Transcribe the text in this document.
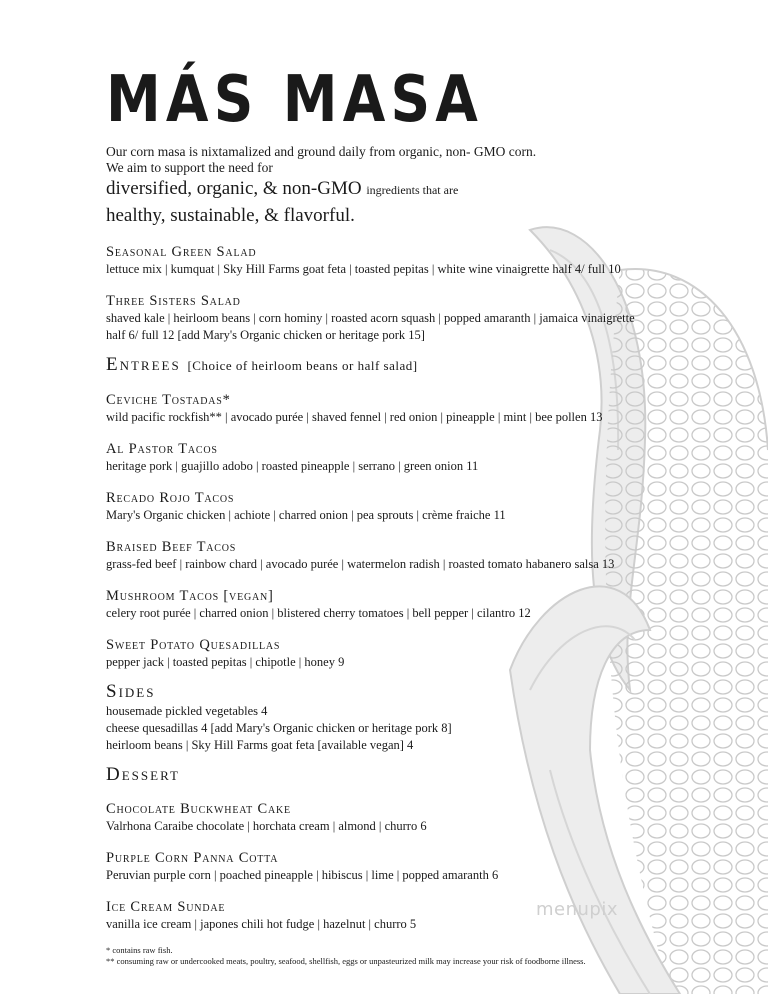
MÁS MASA
Our corn masa is nixtamalized and ground daily from organic, non- GMO corn.
We aim to support the need for
diversified, organic, & non-GMO ingredients that are
healthy, sustainable, & flavorful.
Seasonal Green Salad
lettuce mix | kumquat | Sky Hill Farms goat feta | toasted pepitas | white wine vinaigrette half 4/ full 10
Three Sisters Salad
shaved kale | heirloom beans | corn hominy | roasted acorn squash | popped amaranth | jamaica vinaigrette
half 6/ full 12 [add Mary's Organic chicken or heritage pork 15]
Entrees [Choice of heirloom beans or half salad]
Ceviche Tostadas*
wild pacific rockfish** | avocado purée | shaved fennel | red onion | pineapple | mint | bee pollen 13
Al Pastor Tacos
heritage pork | guajillo adobo | roasted pineapple | serrano | green onion 11
Recado Rojo Tacos
Mary's Organic chicken | achiote | charred onion | pea sprouts | crème fraiche 11
Braised Beef Tacos
grass-fed beef | rainbow chard | avocado purée | watermelon radish | roasted tomato habanero salsa 13
Mushroom Tacos [vegan]
celery root purée | charred onion | blistered cherry tomatoes | bell pepper | cilantro 12
Sweet Potato Quesadillas
pepper jack | toasted pepitas | chipotle | honey 9
Sides
housemade pickled vegetables 4
cheese quesadillas 4 [add Mary's Organic chicken or heritage pork 8]
heirloom beans | Sky Hill Farms goat feta [available vegan] 4
Dessert
Chocolate Buckwheat Cake
Valrhona Caraibe chocolate | horchata cream | almond | churro 6
Purple Corn Panna Cotta
Peruvian purple corn | poached pineapple | hibiscus | lime | popped amaranth 6
Ice Cream Sundae
vanilla ice cream | japones chili hot fudge | hazelnut | churro 5
* contains raw fish.
** consuming raw or undercooked meats, poultry, seafood, shellfish, eggs or unpasteurized milk may increase your risk of foodborne illness.
menupix
